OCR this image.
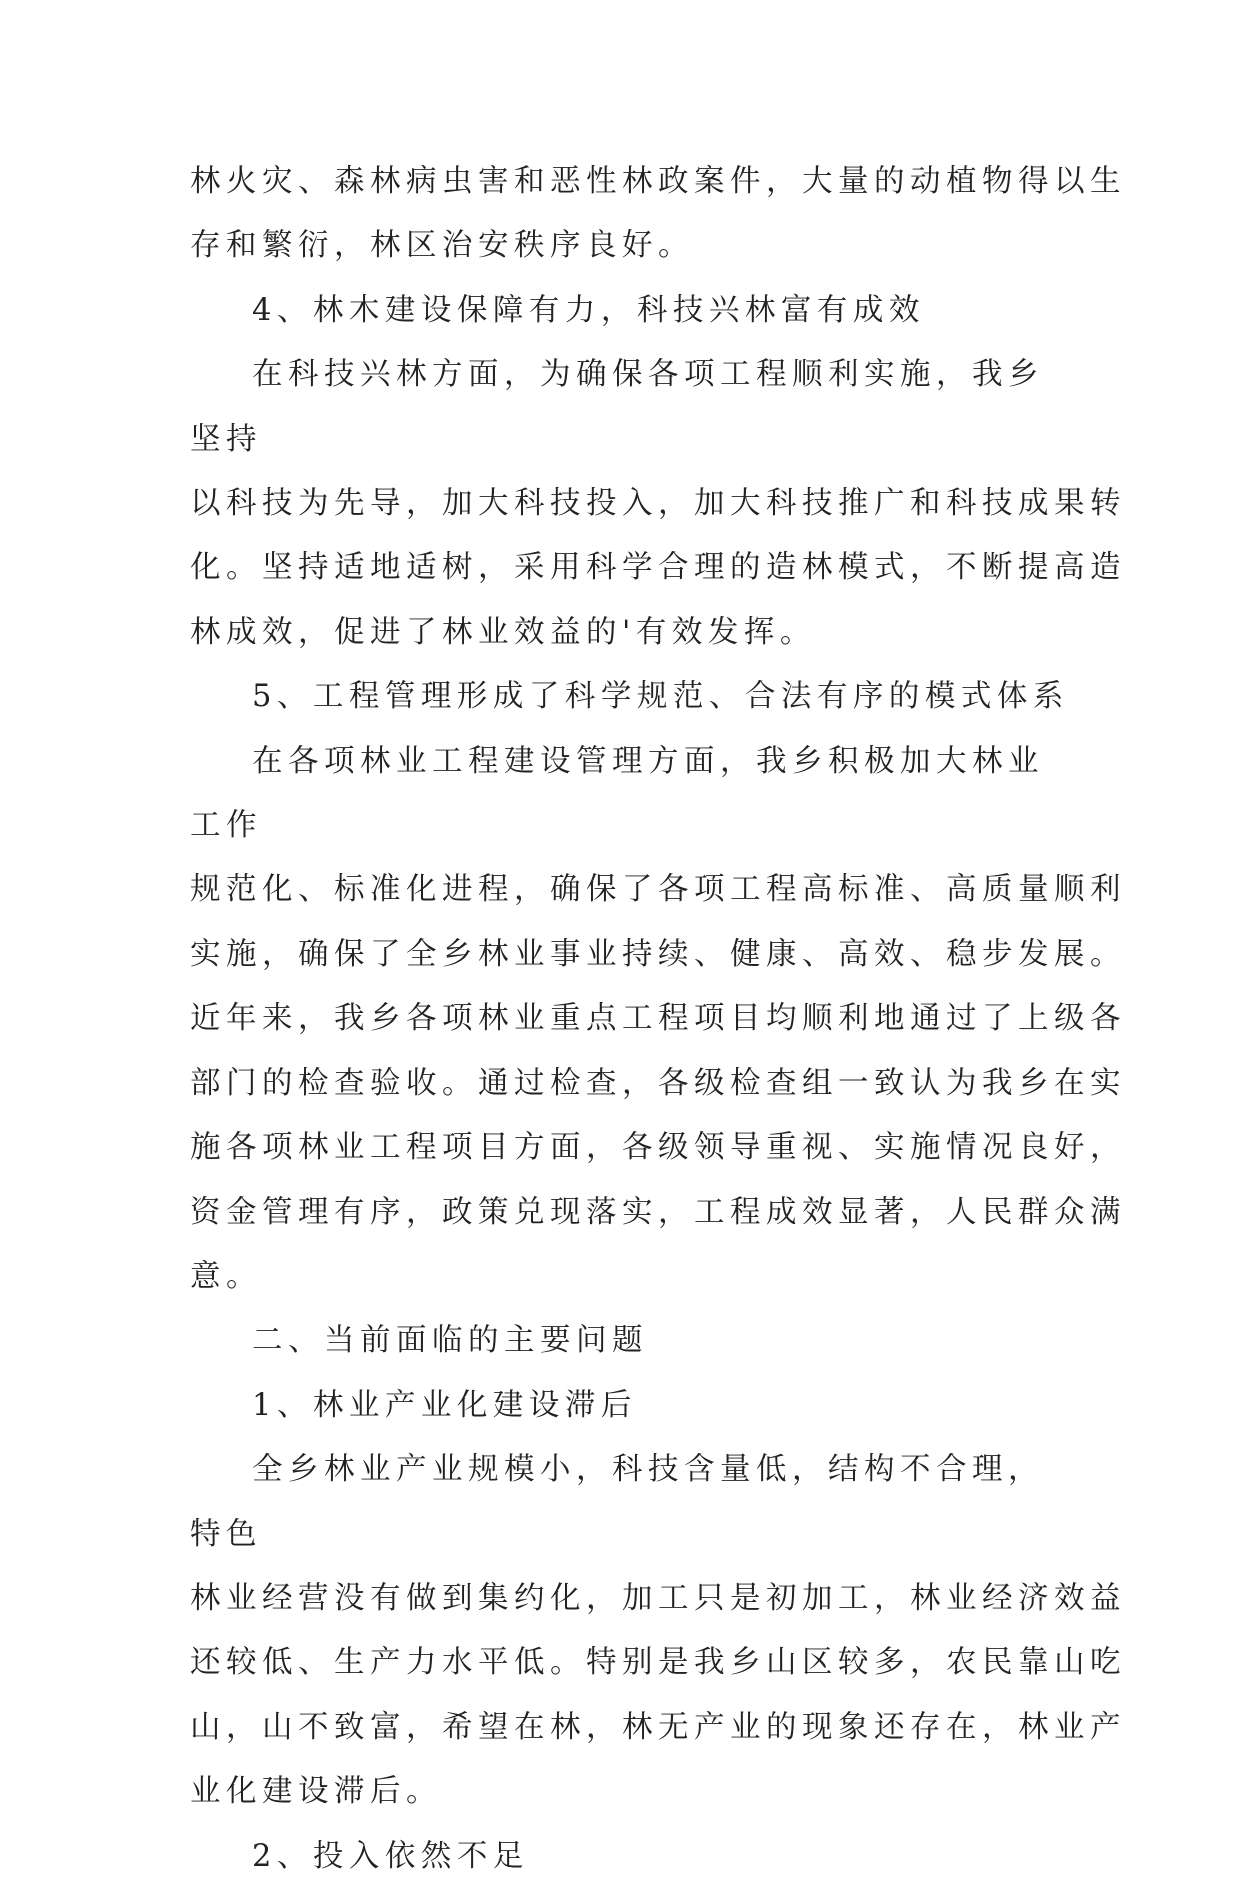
林火灾、森林病虫害和恶性林政案件，大量的动植物得以生
存和繁衍，林区治安秩序良好。

4、林木建设保障有力，科技兴林富有成效

在科技兴林方面，为确保各项工程顺利实施，我乡坚持

以科技为先导，加大科技投入，加大科技推广和科技成果转
化。坚持适地适树，采用科学合理的造林模式，不断提高造
林成效，促进了林业效益的'有效发挥。

5、工程管理形成了科学规范、合法有序的模式体系

在各项林业工程建设管理方面，我乡积极加大林业工作

规范化、标准化进程，确保了各项工程高标准、高质量顺利
实施，确保了全乡林业事业持续、健康、高效、稳步发展。
近年来，我乡各项林业重点工程项目均顺利地通过了上级各
部门的检查验收。通过检查，各级检查组一致认为我乡在实
施各项林业工程项目方面，各级领导重视、实施情况良好，
资金管理有序，政策兑现落实，工程成效显著，人民群众满
意。

二、当前面临的主要问题

1、林业产业化建设滞后

全乡林业产业规模小，科技含量低，结构不合理，特色

林业经营没有做到集约化，加工只是初加工，林业经济效益
还较低、生产力水平低。特别是我乡山区较多，农民靠山吃
山，山不致富，希望在林，林无产业的现象还存在，林业产
业化建设滞后。

2、投入依然不足
